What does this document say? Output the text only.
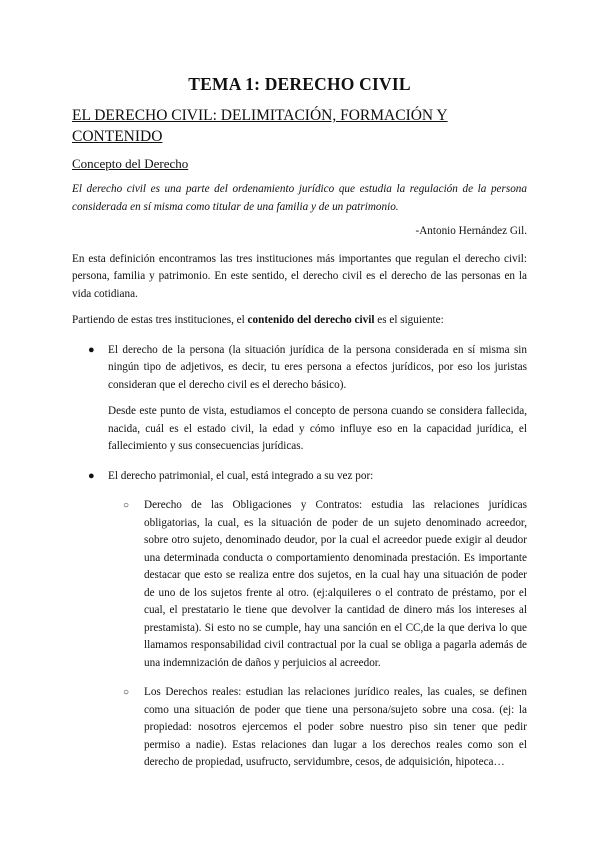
TEMA 1: DERECHO CIVIL
EL DERECHO CIVIL: DELIMITACIÓN, FORMACIÓN Y CONTENIDO
Concepto del Derecho

El derecho civil es una parte del ordenamiento jurídico que estudia la regulación de la persona considerada en sí misma como titular de una familia y de un patrimonio.

-Antonio Hernández Gil.

En esta definición encontramos las tres instituciones más importantes que regulan el derecho civil: persona, familia y patrimonio. En este sentido, el derecho civil es el derecho de las personas en la vida cotidiana.

Partiendo de estas tres instituciones, el contenido del derecho civil es el siguiente:

● El derecho de la persona (la situación jurídica de la persona considerada en sí misma sin ningún tipo de adjetivos, es decir, tu eres persona a efectos jurídicos, por eso los juristas consideran que el derecho civil es el derecho básico).

Desde este punto de vista, estudiamos el concepto de persona cuando se considera fallecida, nacida, cuál es el estado civil, la edad y cómo influye eso en la capacidad jurídica, el fallecimiento y sus consecuencias jurídicas.

● El derecho patrimonial, el cual, está integrado a su vez por:

○ Derecho de las Obligaciones y Contratos: estudia las relaciones jurídicas obligatorias, la cual, es la situación de poder de un sujeto denominado acreedor, sobre otro sujeto, denominado deudor, por la cual el acreedor puede exigir al deudor una determinada conducta o comportamiento denominada prestación. Es importante destacar que esto se realiza entre dos sujetos, en la cual hay una situación de poder de uno de los sujetos frente al otro. (ej:alquileres o el contrato de préstamo, por el cual, el prestatario le tiene que devolver la cantidad de dinero más los intereses al prestamista). Si esto no se cumple, hay una sanción en el CC,de la que deriva lo que llamamos responsabilidad civil contractual por la cual se obliga a pagarla además de una indemnización de daños y perjuicios al acreedor.

○ Los Derechos reales: estudian las relaciones jurídico reales, las cuales, se definen como una situación de poder que tiene una persona/sujeto sobre una cosa. (ej: la propiedad: nosotros ejercemos el poder sobre nuestro piso sin tener que pedir permiso a nadie). Estas relaciones dan lugar a los derechos reales como son el derecho de propiedad, usufructo, servidumbre, cesos, de adquisición, hipoteca…
